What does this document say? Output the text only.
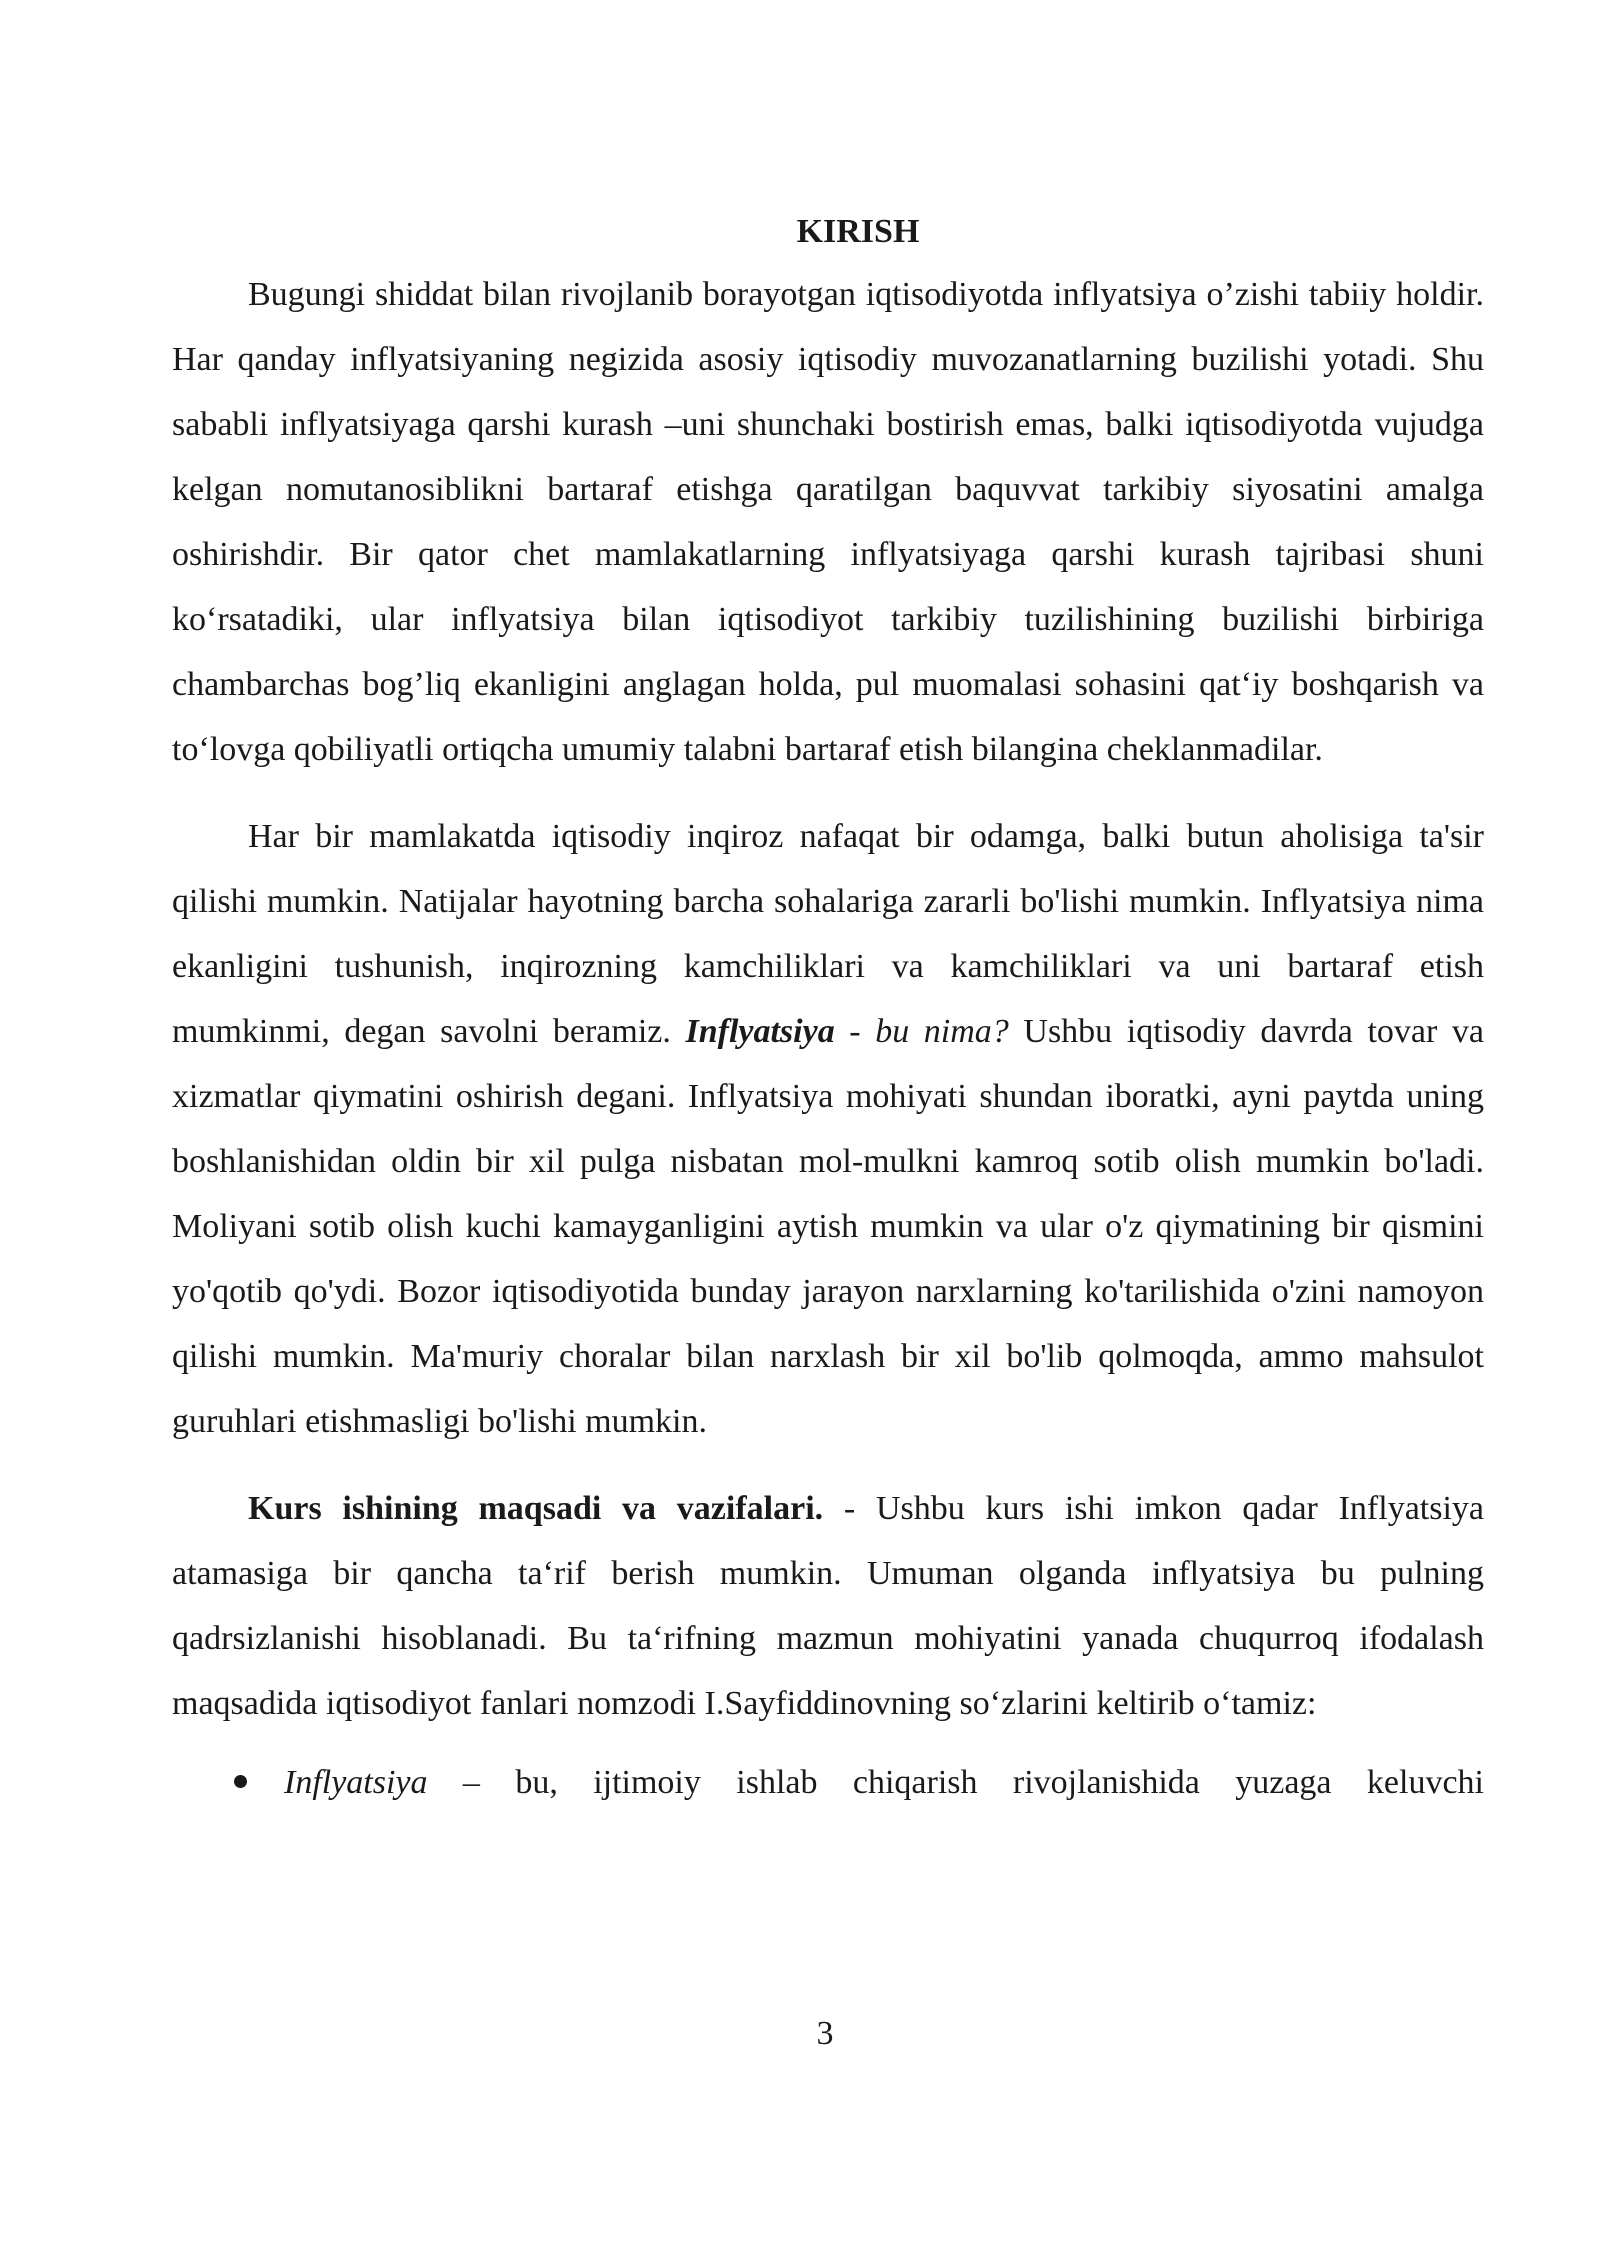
KIRISH

Bugungi shiddat bilan rivojlanib borayotgan iqtisodiyotda inflyatsiya o’zishi tabiiy holdir. Har qanday inflyatsiyaning negizida asosiy iqtisodiy muvozanatlarning buzilishi yotadi. Shu sababli inflyatsiyaga qarshi kurash –uni shunchaki bostirish emas, balki iqtisodiyotda vujudga kelgan nomutanosiblikni bartaraf etishga qaratilgan baquvvat tarkibiy siyosatini amalga oshirishdir. Bir qator chet mamlakatlarning inflyatsiyaga qarshi kurash tajribasi shuni ko‘rsatadiki, ular inflyatsiya bilan iqtisodiyot tarkibiy tuzilishining buzilishi birbiriga chambarchas bog’liq ekanligini anglagan holda, pul muomalasi sohasini qat‘iy boshqarish va to‘lovga qobiliyatli ortiqcha umumiy talabni bartaraf etish bilangina cheklanmadilar.

Har bir mamlakatda iqtisodiy inqiroz nafaqat bir odamga, balki butun aholisiga ta'sir qilishi mumkin. Natijalar hayotning barcha sohalariga zararli bo'lishi mumkin. Inflyatsiya nima ekanligini tushunish, inqirozning kamchiliklari va kamchiliklari va uni bartaraf etish mumkinmi, degan savolni beramiz. Inflyatsiya - bu nima? Ushbu iqtisodiy davrda tovar va xizmatlar qiymatini oshirish degani. Inflyatsiya mohiyati shundan iboratki, ayni paytda uning boshlanishidan oldin bir xil pulga nisbatan mol-mulkni kamroq sotib olish mumkin bo'ladi. Moliyani sotib olish kuchi kamayganligini aytish mumkin va ular o'z qiymatining bir qismini yo'qotib qo'ydi. Bozor iqtisodiyotida bunday jarayon narxlarning ko'tarilishida o'zini namoyon qilishi mumkin. Ma'muriy choralar bilan narxlash bir xil bo'lib qolmoqda, ammo mahsulot guruhlari etishmasligi bo'lishi mumkin.

Kurs ishining maqsadi va vazifalari. - Ushbu kurs ishi imkon qadar Inflyatsiya atamasiga bir qancha ta‘rif berish mumkin. Umuman olganda inflyatsiya bu pulning qadrsizlanishi hisoblanadi. Bu ta‘rifning mazmun mohiyatini yanada chuqurroq ifodalash maqsadida iqtisodiyot fanlari nomzodi I.Sayfiddinovning so‘zlarini keltirib o‘tamiz:

Inflyatsiya – bu, ijtimoiy ishlab chiqarish rivojlanishida yuzaga keluvchi
3
